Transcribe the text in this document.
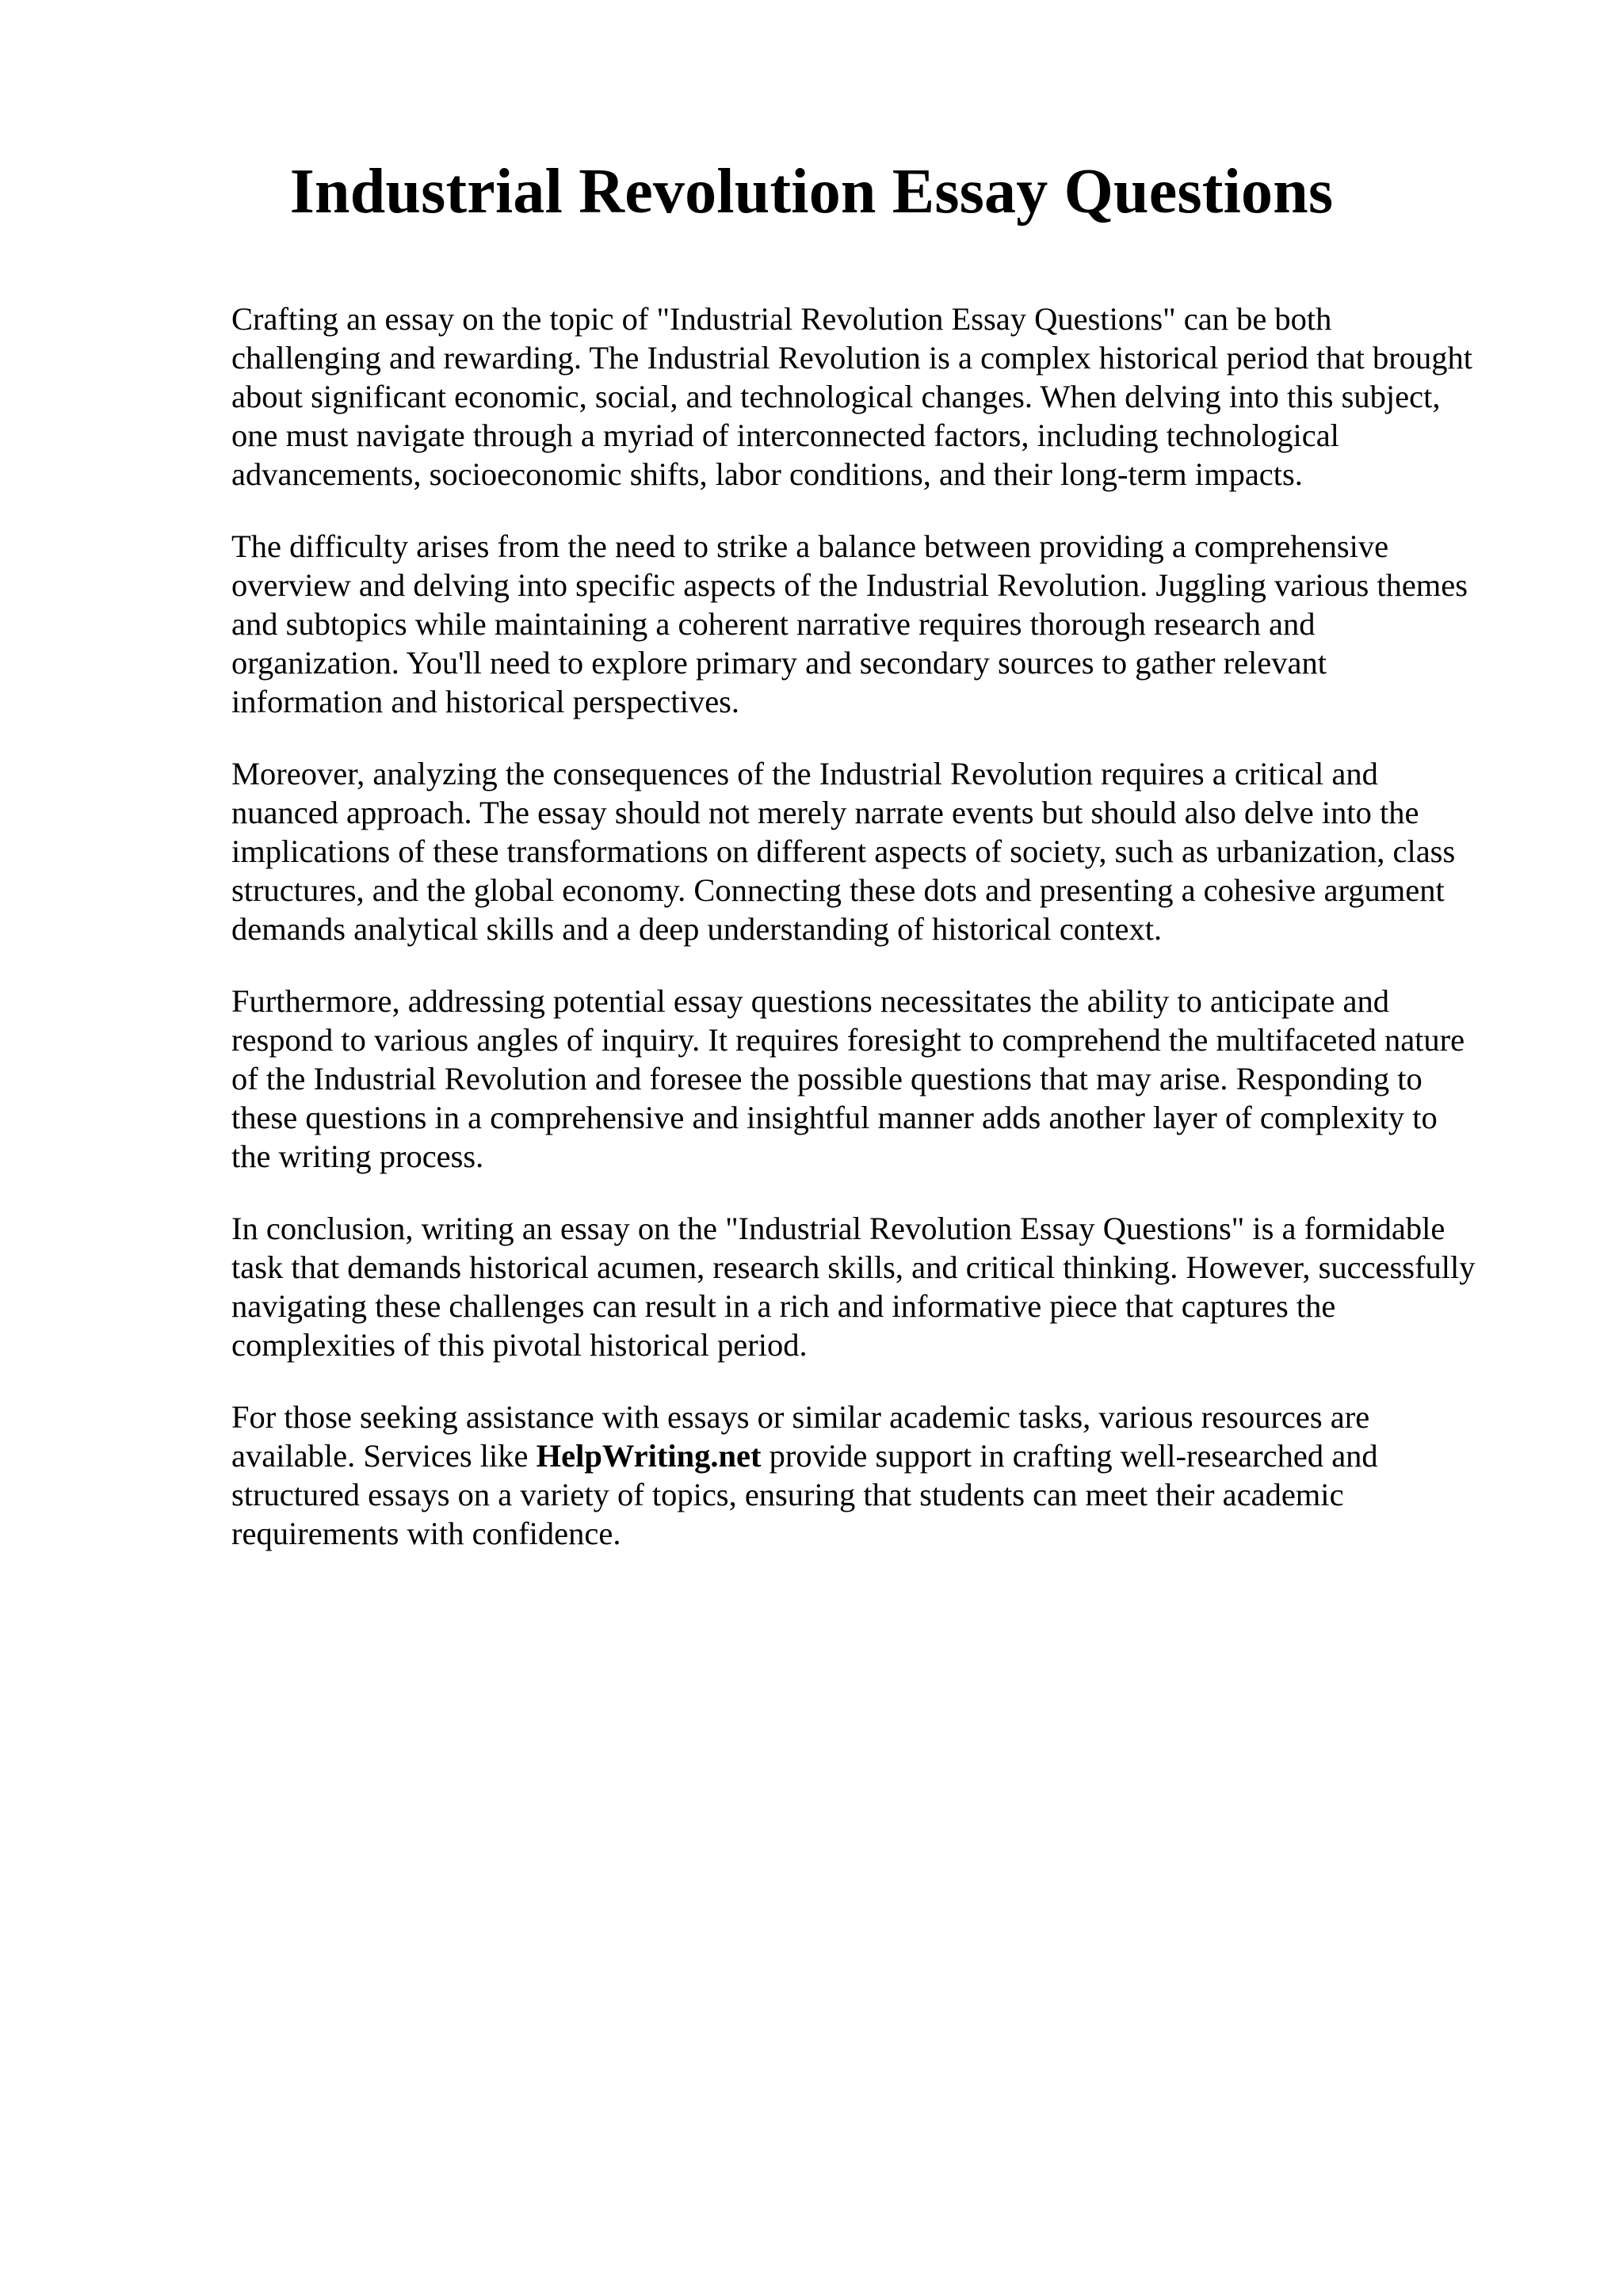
Industrial Revolution Essay Questions

Crafting an essay on the topic of "Industrial Revolution Essay Questions" can be both
challenging and rewarding. The Industrial Revolution is a complex historical period that brought
about significant economic, social, and technological changes. When delving into this subject,
one must navigate through a myriad of interconnected factors, including technological
advancements, socioeconomic shifts, labor conditions, and their long-term impacts.

The difficulty arises from the need to strike a balance between providing a comprehensive
overview and delving into specific aspects of the Industrial Revolution. Juggling various themes
and subtopics while maintaining a coherent narrative requires thorough research and
organization. You'll need to explore primary and secondary sources to gather relevant
information and historical perspectives.

Moreover, analyzing the consequences of the Industrial Revolution requires a critical and
nuanced approach. The essay should not merely narrate events but should also delve into the
implications of these transformations on different aspects of society, such as urbanization, class
structures, and the global economy. Connecting these dots and presenting a cohesive argument
demands analytical skills and a deep understanding of historical context.

Furthermore, addressing potential essay questions necessitates the ability to anticipate and
respond to various angles of inquiry. It requires foresight to comprehend the multifaceted nature
of the Industrial Revolution and foresee the possible questions that may arise. Responding to
these questions in a comprehensive and insightful manner adds another layer of complexity to
the writing process.

In conclusion, writing an essay on the "Industrial Revolution Essay Questions" is a formidable
task that demands historical acumen, research skills, and critical thinking. However, successfully
navigating these challenges can result in a rich and informative piece that captures the
complexities of this pivotal historical period.

For those seeking assistance with essays or similar academic tasks, various resources are
available. Services like HelpWriting.net provide support in crafting well-researched and
structured essays on a variety of topics, ensuring that students can meet their academic
requirements with confidence.
